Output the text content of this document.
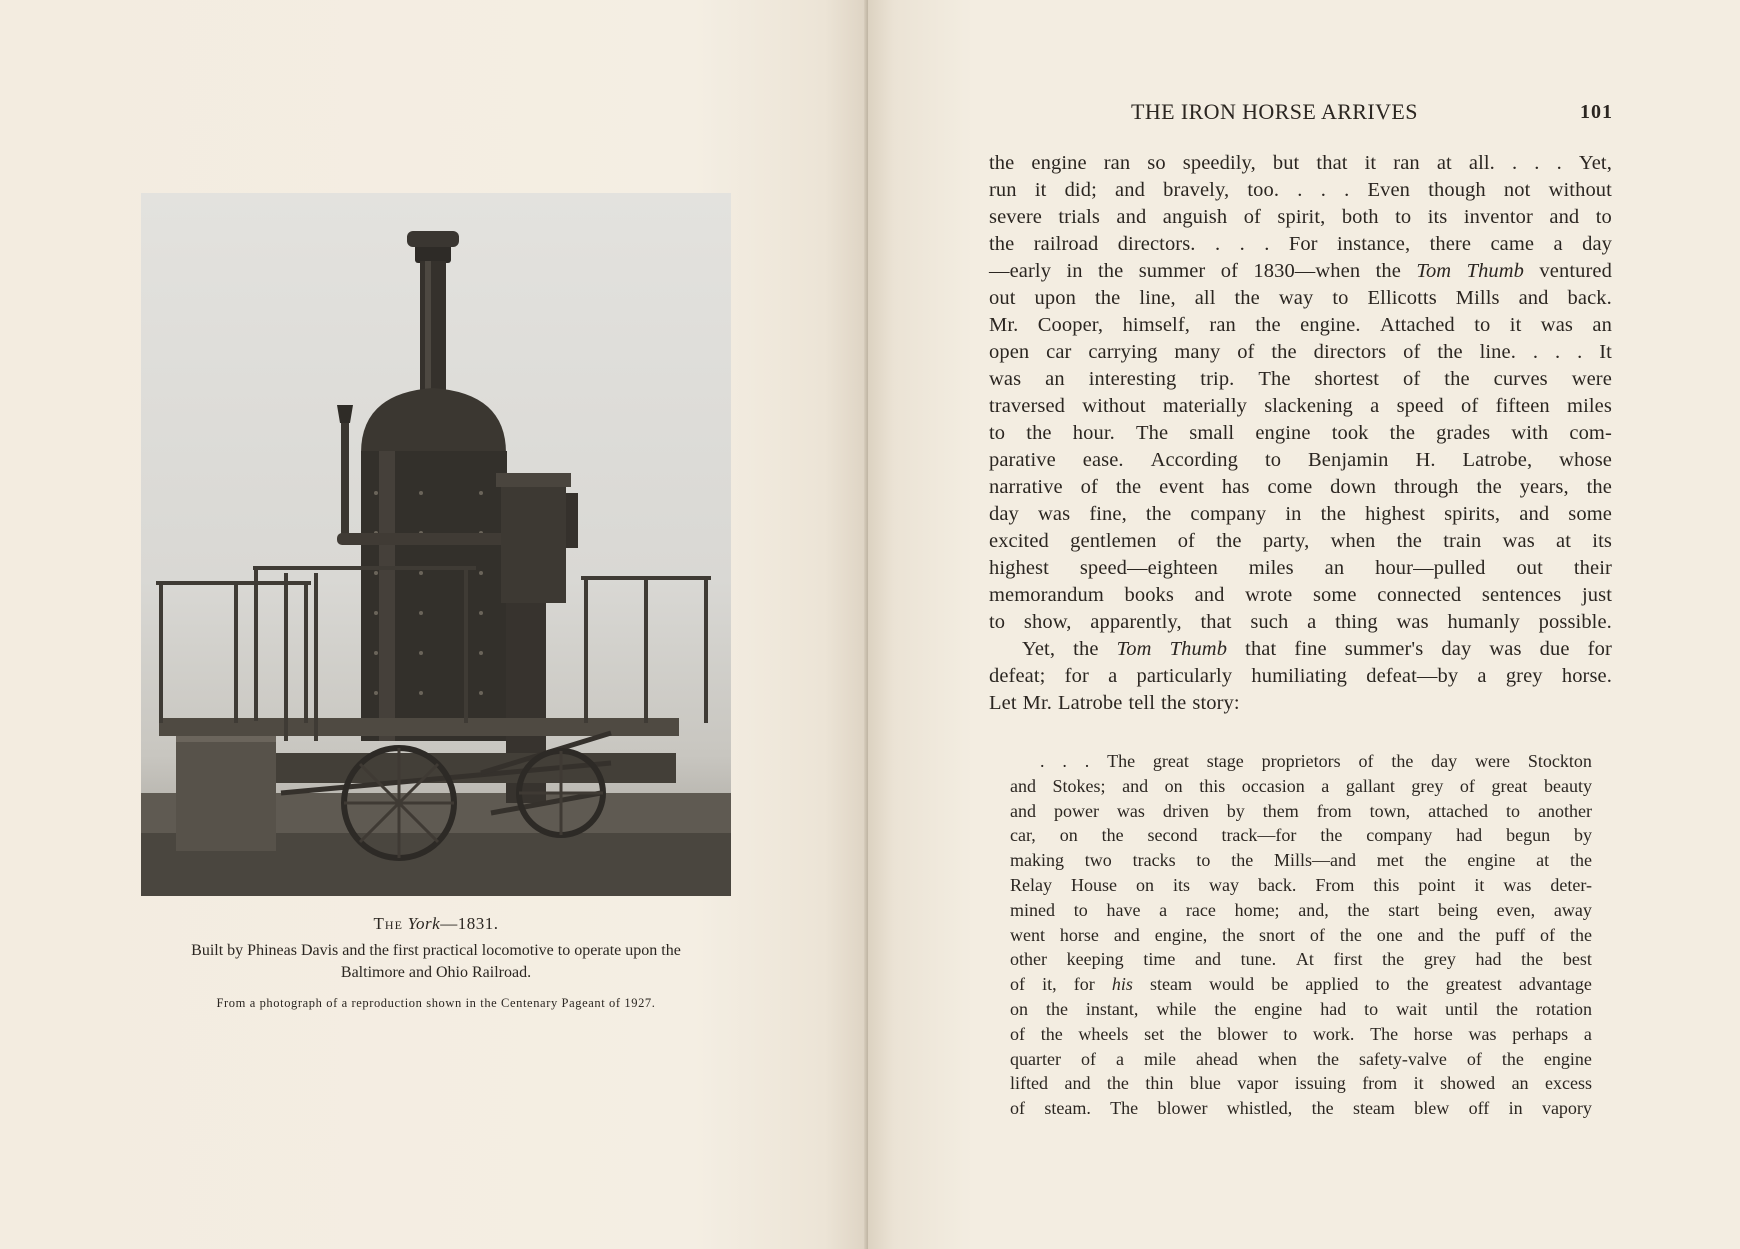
The York—1831.

Built by Phineas Davis and the first practical locomotive to operate upon the
Baltimore and Ohio Railroad.

From a photograph of a reproduction shown in the Centenary Pageant of 1927.

THE IRON HORSE ARRIVES	101
the engine ran so speedily, but that it ran at all. . . . Yet,
run it did; and bravely, too. . . . Even though not without
severe trials and anguish of spirit, both to its inventor and to
the railroad directors. . . . For instance, there came a day
—early in the summer of 1830—when the Tom Thumb ventured
out upon the line, all the way to Ellicotts Mills and back.
Mr. Cooper, himself, ran the engine. Attached to it was an
open car carrying many of the directors of the line. . . . It
was an interesting trip. The shortest of the curves were
traversed without materially slackening a speed of fifteen miles
to the hour. The small engine took the grades with com-
parative ease. According to Benjamin H. Latrobe, whose
narrative of the event has come down through the years, the
day was fine, the company in the highest spirits, and some
excited gentlemen of the party, when the train was at its
highest speed—eighteen miles an hour—pulled out their
memorandum books and wrote some connected sentences just
to show, apparently, that such a thing was humanly possible.
Yet, the Tom Thumb that fine summer's day was due for
defeat; for a particularly humiliating defeat—by a grey horse.
Let Mr. Latrobe tell the story:
. . . The great stage proprietors of the day were Stockton
and Stokes; and on this occasion a gallant grey of great beauty
and power was driven by them from town, attached to another
car, on the second track—for the company had begun by
making two tracks to the Mills—and met the engine at the
Relay House on its way back. From this point it was deter-
mined to have a race home; and, the start being even, away
went horse and engine, the snort of the one and the puff of the
other keeping time and tune. At first the grey had the best
of it, for his steam would be applied to the greatest advantage
on the instant, while the engine had to wait until the rotation
of the wheels set the blower to work. The horse was perhaps a
quarter of a mile ahead when the safety-valve of the engine
lifted and the thin blue vapor issuing from it showed an excess
of steam. The blower whistled, the steam blew off in vapory
